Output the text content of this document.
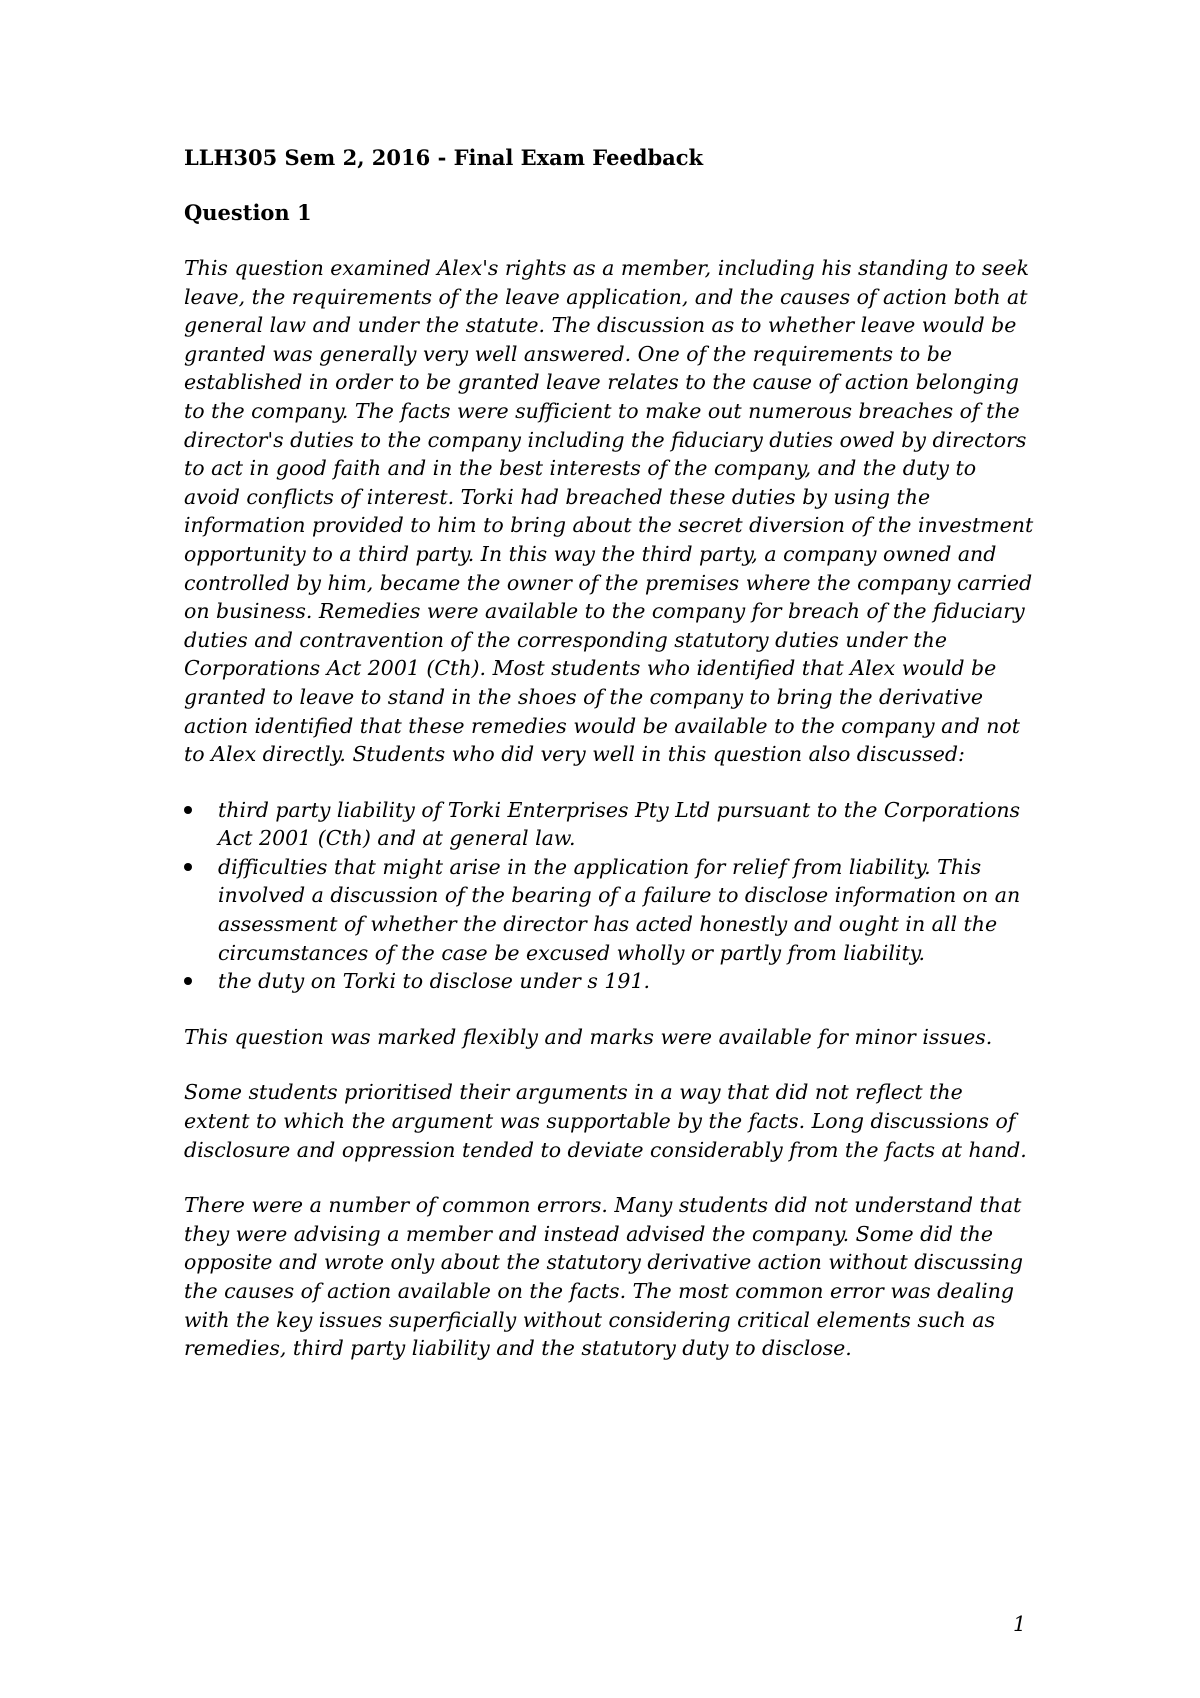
LLH305 Sem 2, 2016 - Final Exam Feedback
Question 1

This question examined Alex's rights as a member, including his standing to seek leave, the requirements of the leave application, and the causes of action both at general law and under the statute. The discussion as to whether leave would be granted was generally very well answered. One of the requirements to be established in order to be granted leave relates to the cause of action belonging to the company. The facts were sufficient to make out numerous breaches of the director's duties to the company including the fiduciary duties owed by directors to act in good faith and in the best interests of the company, and the duty to avoid conflicts of interest. Torki had breached these duties by using the information provided to him to bring about the secret diversion of the investment opportunity to a third party. In this way the third party, a company owned and controlled by him, became the owner of the premises where the company carried on business. Remedies were available to the company for breach of the fiduciary duties and contravention of the corresponding statutory duties under the Corporations Act 2001 (Cth). Most students who identified that Alex would be granted to leave to stand in the shoes of the company to bring the derivative action identified that these remedies would be available to the company and not to Alex directly. Students who did very well in this question also discussed:

third party liability of Torki Enterprises Pty Ltd pursuant to the Corporations Act 2001 (Cth) and at general law.
difficulties that might arise in the application for relief from liability. This involved a discussion of the bearing of a failure to disclose information on an assessment of whether the director has acted honestly and ought in all the circumstances of the case be excused wholly or partly from liability.
the duty on Torki to disclose under s 191.

This question was marked flexibly and marks were available for minor issues.

Some students prioritised their arguments in a way that did not reflect the extent to which the argument was supportable by the facts. Long discussions of disclosure and oppression tended to deviate considerably from the facts at hand.

There were a number of common errors. Many students did not understand that they were advising a member and instead advised the company. Some did the opposite and wrote only about the statutory derivative action without discussing the causes of action available on the facts. The most common error was dealing with the key issues superficially without considering critical elements such as remedies, third party liability and the statutory duty to disclose.

1
